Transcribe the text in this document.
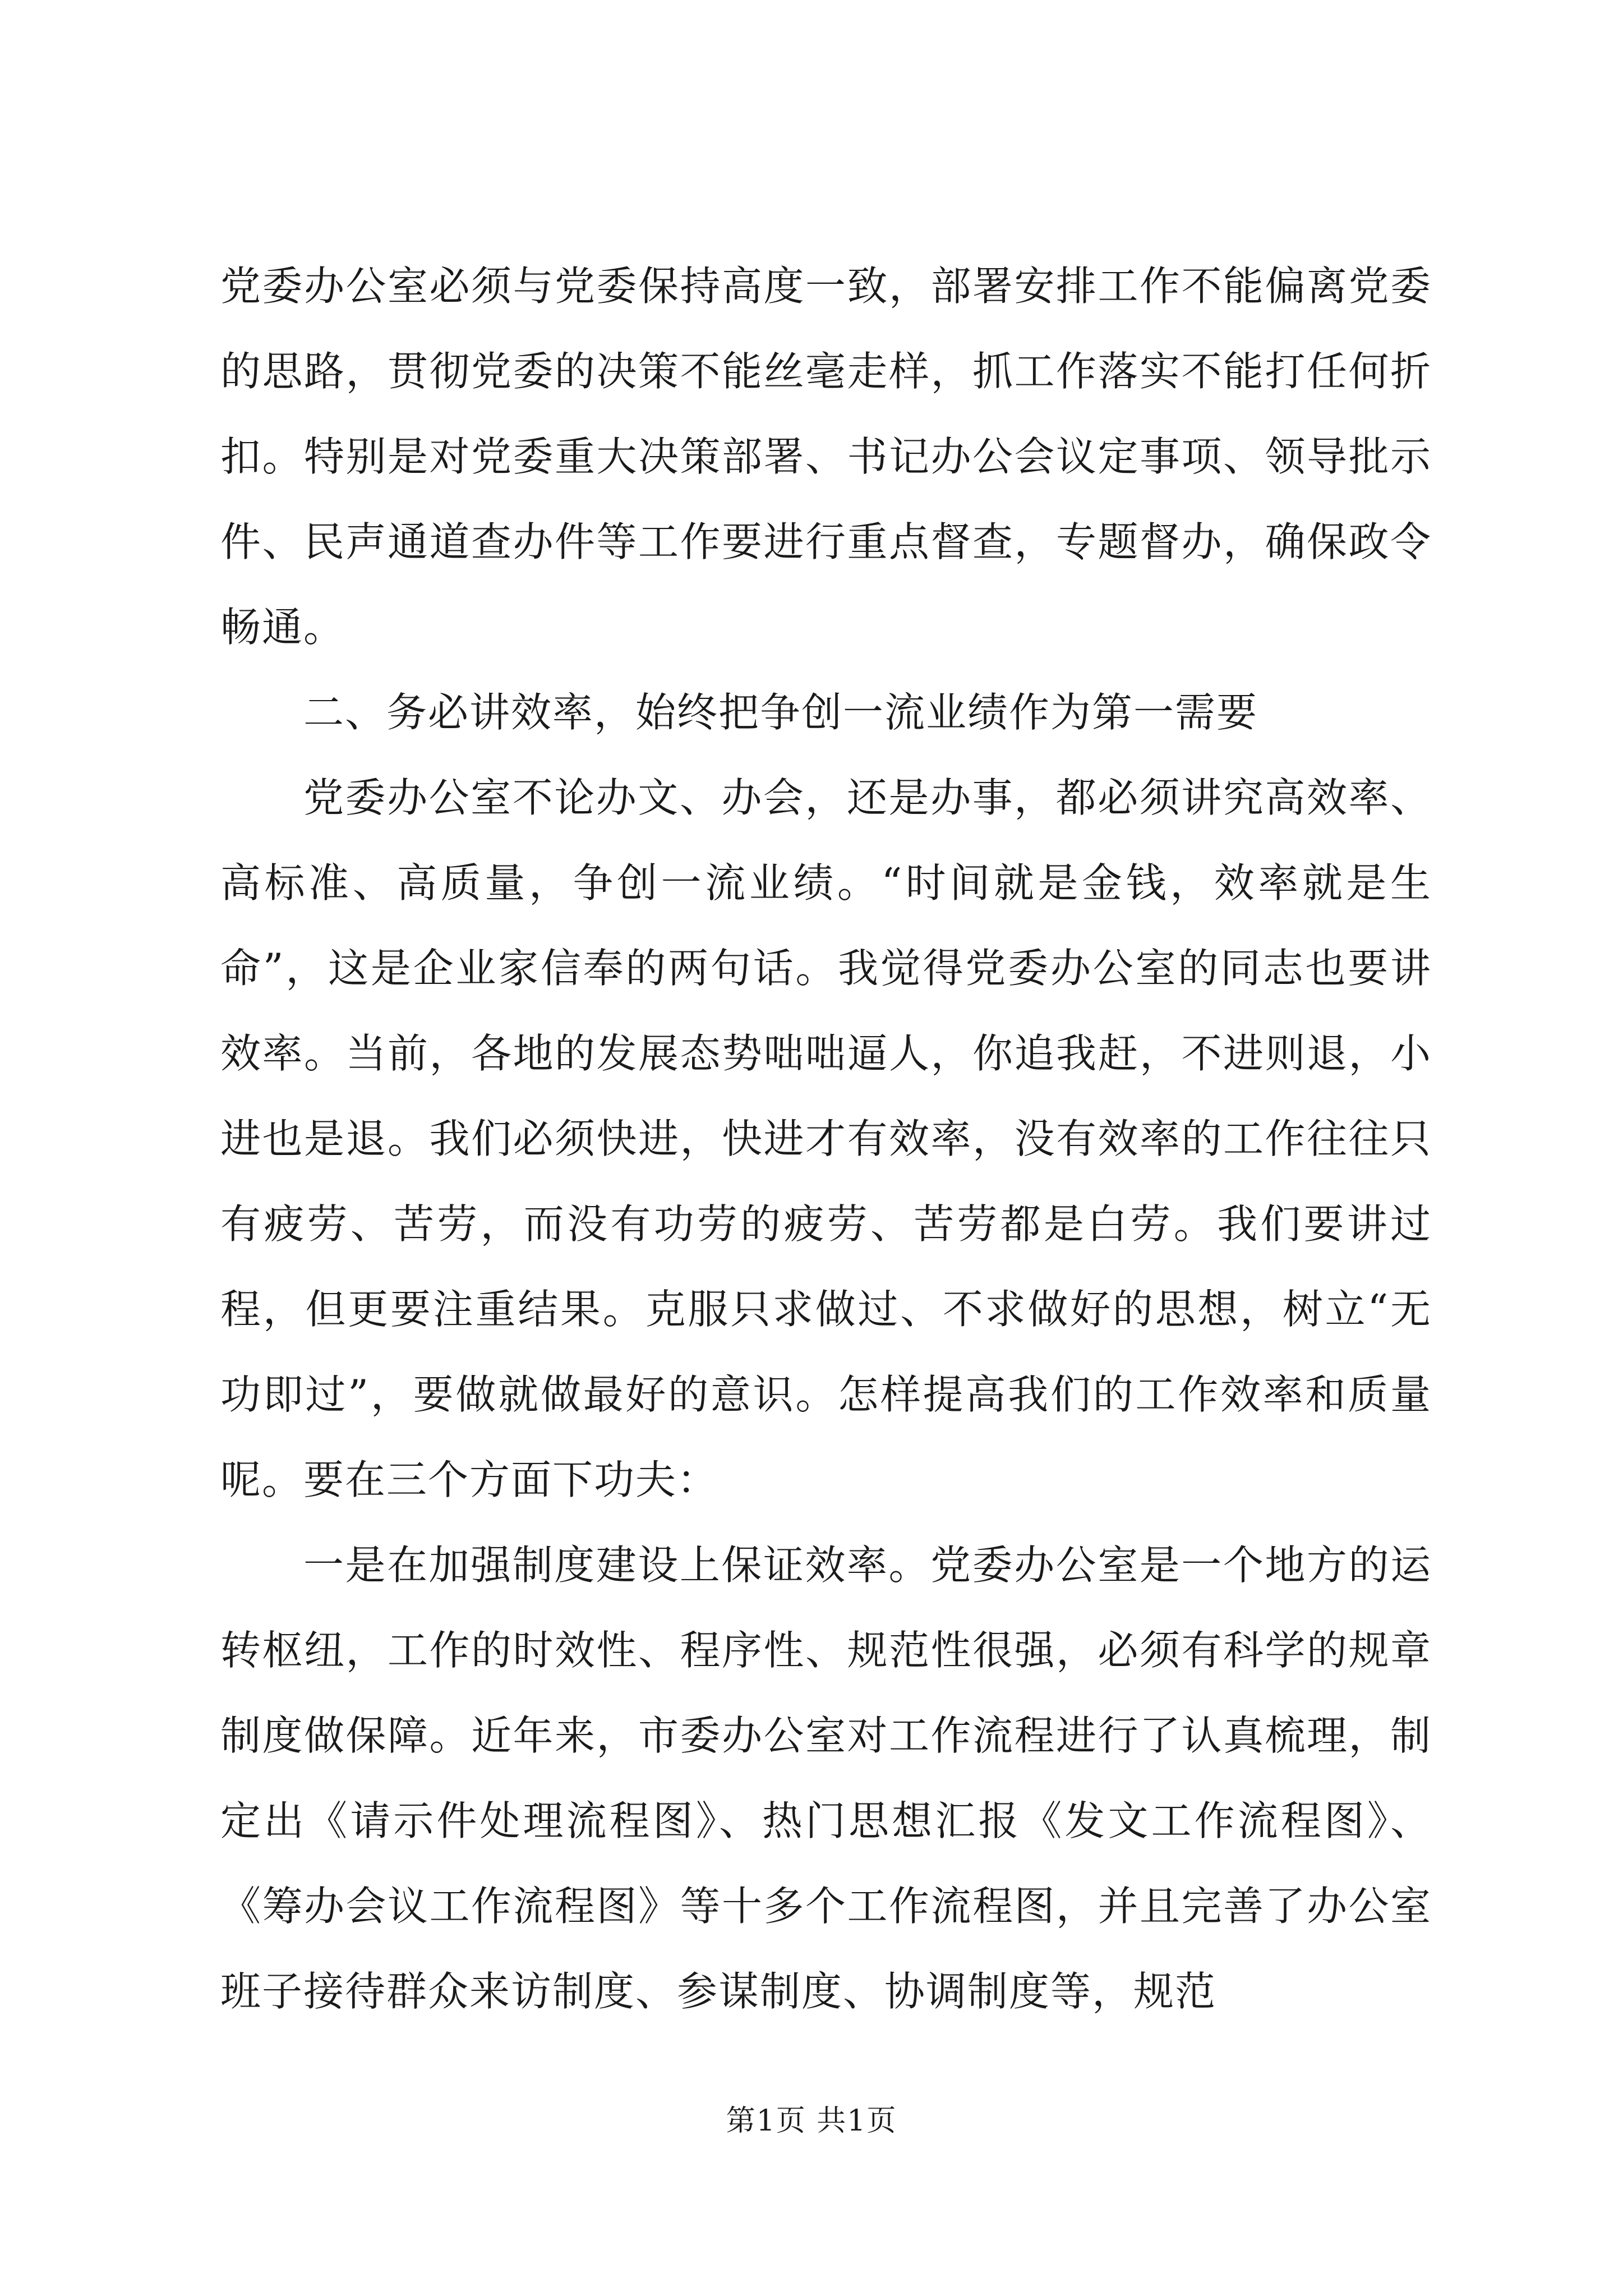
党委办公室必须与党委保持高度一致，部署安排工作不能偏离党委的思路，贯彻党委的决策不能丝毫走样，抓工作落实不能打任何折扣。特别是对党委重大决策部署、书记办公会议定事项、领导批示件、民声通道查办件等工作要进行重点督查，专题督办，确保政令畅通。

二、务必讲效率，始终把争创一流业绩作为第一需要

党委办公室不论办文、办会，还是办事，都必须讲究高效率、高标准、高质量，争创一流业绩。“时间就是金钱，效率就是生命”，这是企业家信奉的两句话。我觉得党委办公室的同志也要讲效率。当前，各地的发展态势咄咄逼人，你追我赶，不进则退，小进也是退。我们必须快进，快进才有效率，没有效率的工作往往只有疲劳、苦劳，而没有功劳的疲劳、苦劳都是白劳。我们要讲过程，但更要注重结果。克服只求做过、不求做好的思想，树立“无功即过”，要做就做最好的意识。怎样提高我们的工作效率和质量呢。要在三个方面下功夫：

一是在加强制度建设上保证效率。党委办公室是一个地方的运转枢纽，工作的时效性、程序性、规范性很强，必须有科学的规章制度做保障。近年来，市委办公室对工作流程进行了认真梳理，制定出《请示件处理流程图》、热门思想汇报《发文工作流程图》、《筹办会议工作流程图》等十多个工作流程图，并且完善了办公室班子接待群众来访制度、参谋制度、协调制度等，规范

第1页 共1页
